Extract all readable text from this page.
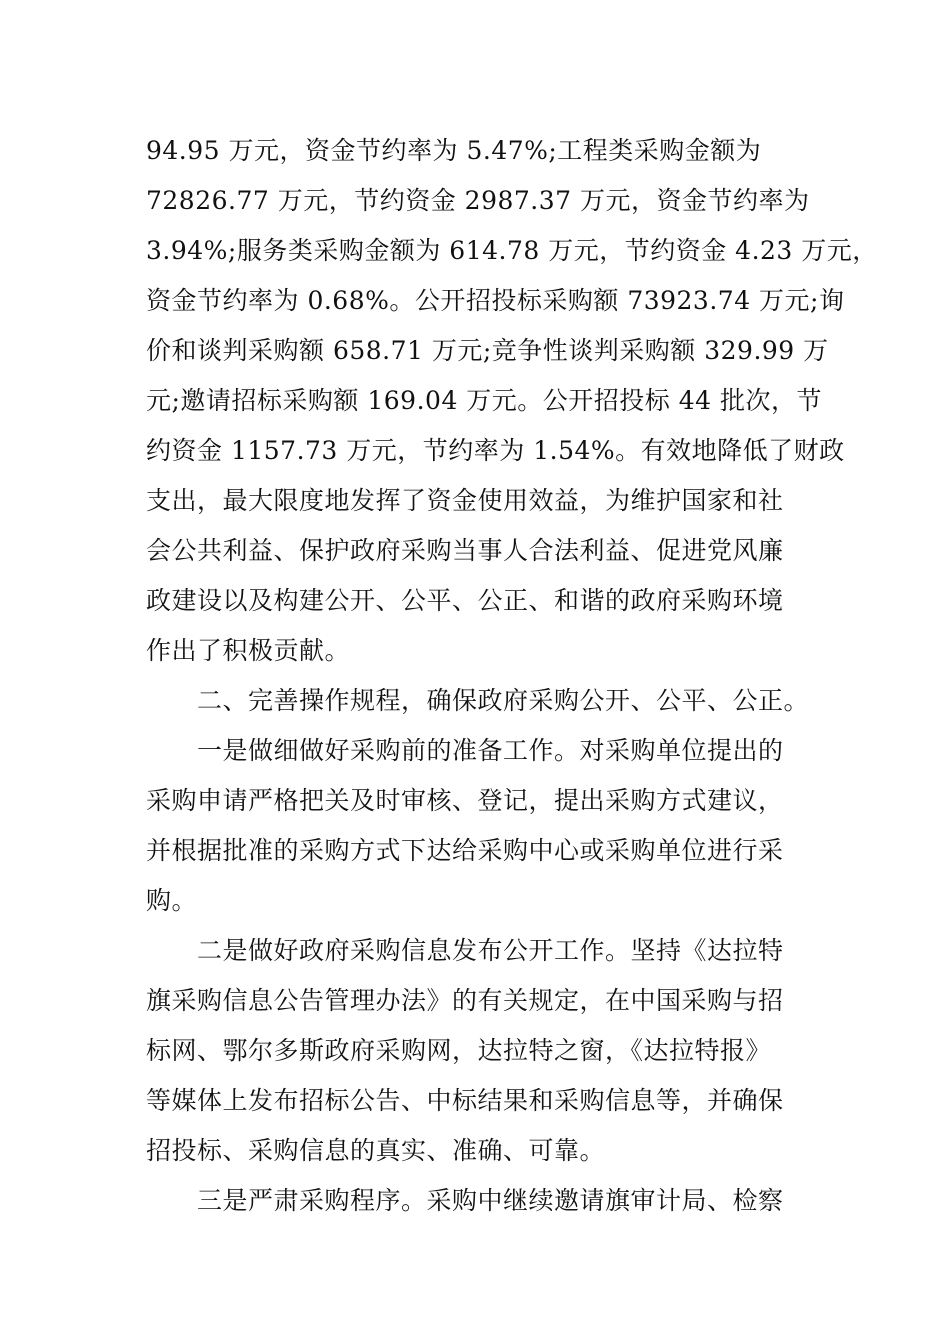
94.95 万元，资金节约率为 5.47%;工程类采购金额为
72826.77 万元，节约资金 2987.37 万元，资金节约率为
3.94%;服务类采购金额为 614.78 万元，节约资金 4.23 万元，
资金节约率为 0.68%。公开招投标采购额 73923.74 万元;询
价和谈判采购额 658.71 万元;竞争性谈判采购额 329.99 万
元;邀请招标采购额 169.04 万元。公开招投标 44 批次，节
约资金 1157.73 万元，节约率为 1.54%。有效地降低了财政
支出，最大限度地发挥了资金使用效益，为维护国家和社
会公共利益、保护政府采购当事人合法利益、促进党风廉
政建设以及构建公开、公平、公正、和谐的政府采购环境
作出了积极贡献。
　　二、完善操作规程，确保政府采购公开、公平、公正。
　　一是做细做好采购前的准备工作。对采购单位提出的
采购申请严格把关及时审核、登记，提出采购方式建议，
并根据批准的采购方式下达给采购中心或采购单位进行采
购。
　　二是做好政府采购信息发布公开工作。坚持《达拉特
旗采购信息公告管理办法》的有关规定，在中国采购与招
标网、鄂尔多斯政府采购网，达拉特之窗，《达拉特报》
等媒体上发布招标公告、中标结果和采购信息等，并确保
招投标、采购信息的真实、准确、可靠。
　　三是严肃采购程序。采购中继续邀请旗审计局、检察
